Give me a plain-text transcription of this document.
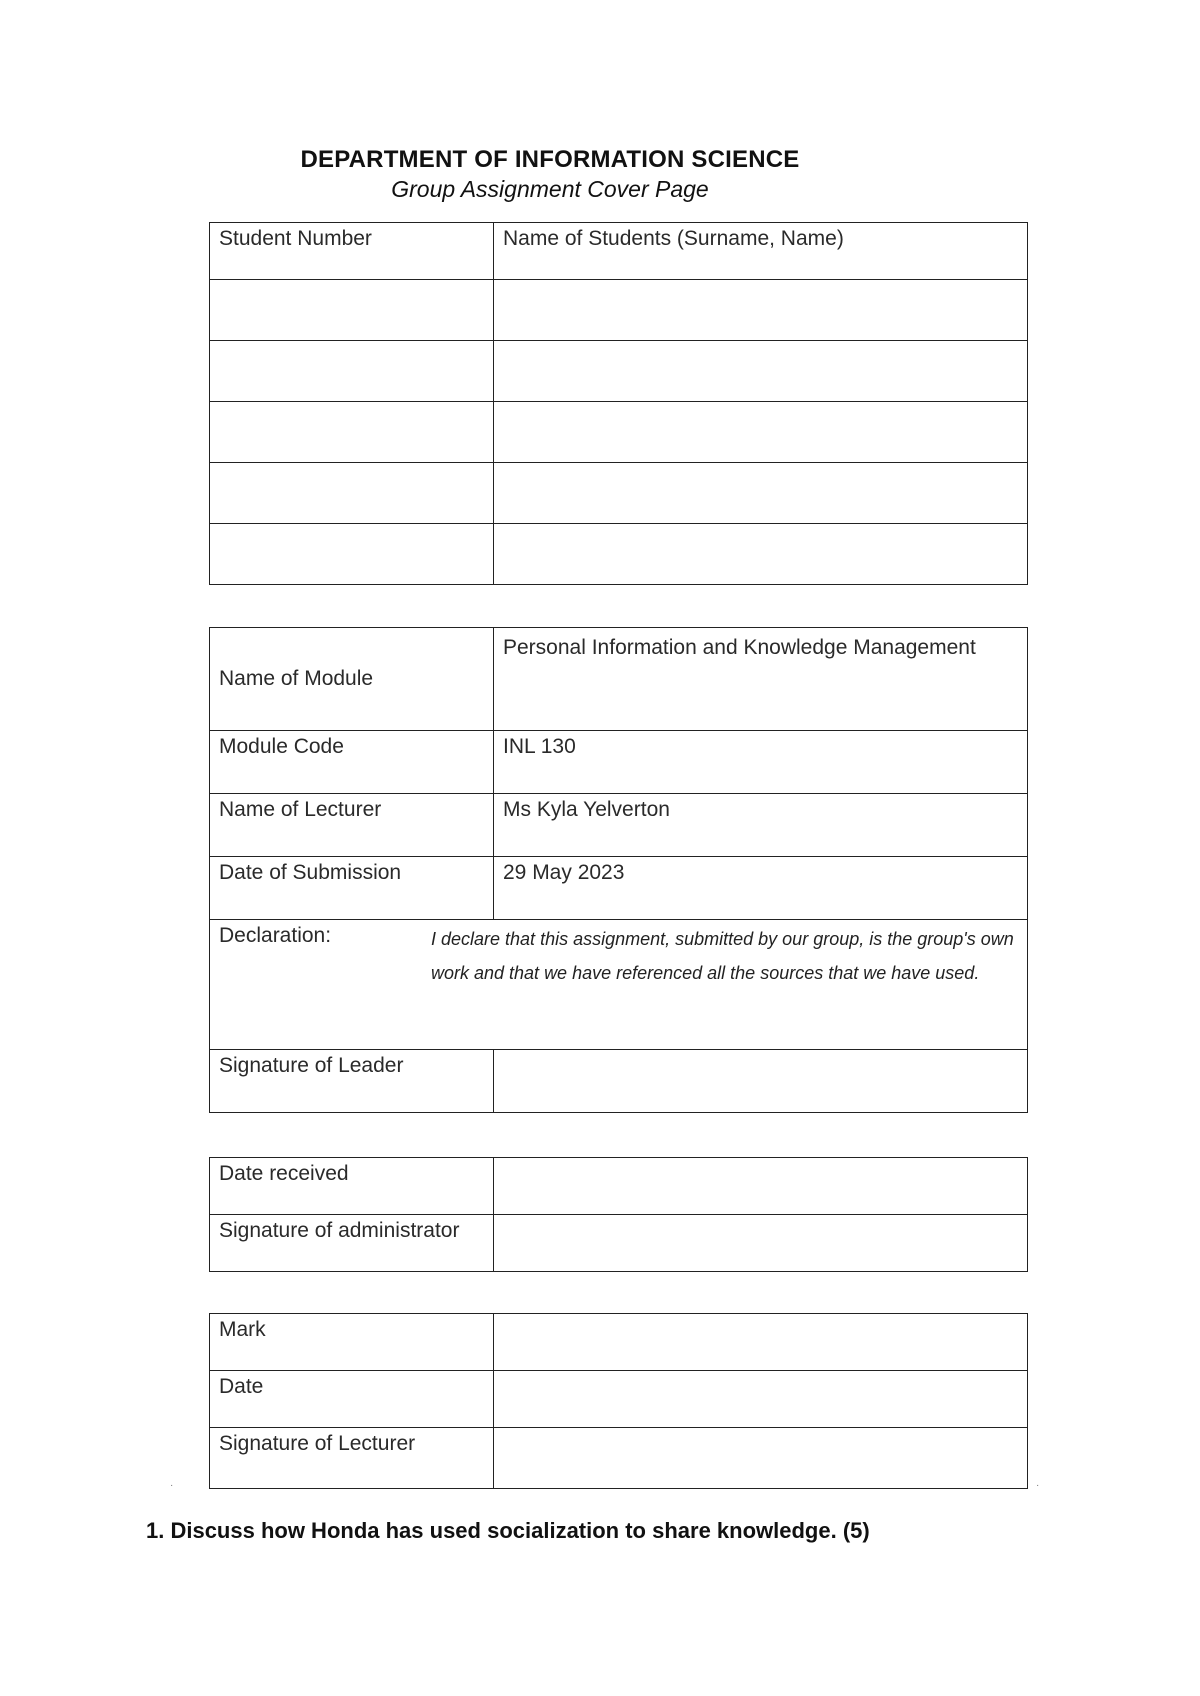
DEPARTMENT OF INFORMATION SCIENCE
Group Assignment Cover Page
Student Number	Name of Students (Surname, Name)

Name of Module	Personal Information and Knowledge Management
Module Code	INL 130
Name of Lecturer	Ms Kyla Yelverton
Date of Submission	29 May 2023

Declaration: I declare that this assignment, submitted by our group, is the group's own work and that we have referenced all the sources that we have used.	

Signature of Leader	
Date received	
Signature of administrator	
Mark	
Date	
Signature of Lecturer	
·	·
1. Discuss how Honda has used socialization to share knowledge. (5)
